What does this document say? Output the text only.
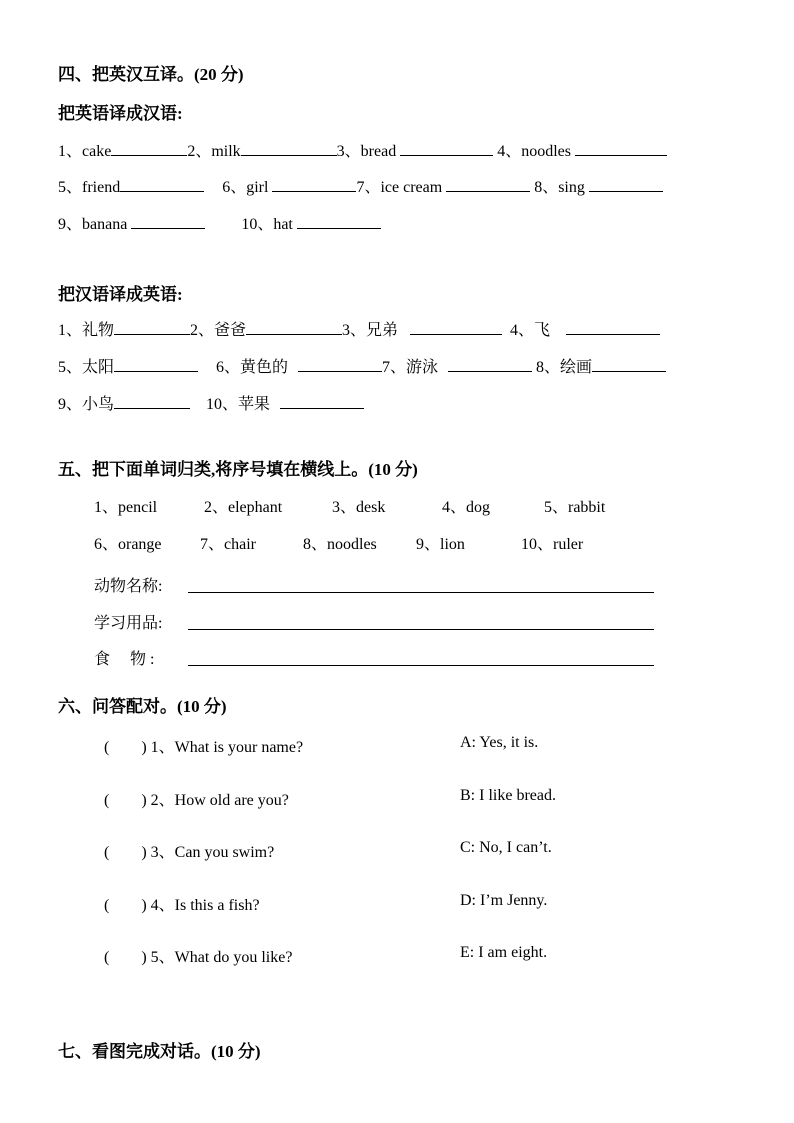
四、把英汉互译。(20 分)
把英语译成汉语:
1、cake	2、milk	3、bread	4、noodles
5、friend	6、girl	7、ice cream	8、sing
9、banana	10、hat
把汉语译成英语:
1、礼物	2、爸爸	3、兄弟	4、飞
5、太阳	6、黄色的	7、游泳	8、绘画
9、小鸟	10、苹果
五、把下面单词归类,将序号填在横线上。(10 分)
1、pencil	2、elephant	3、desk	4、dog	5、rabbit
6、orange 7、chair	8、noodles 9、lion	10、ruler
动物名称:
学习用品:
食　 物 :
六、问答配对。(10 分)
(　　) 1、What is your name?	A: Yes, it is.
(　　) 2、How old are you?	B: I like bread.
(　　) 3、Can you swim?	C: No, I can’t.
(　　) 4、Is this a fish?	D: I’m Jenny.
(　　) 5、What do you like?	E: I am eight.
七、看图完成对话。(10 分)
